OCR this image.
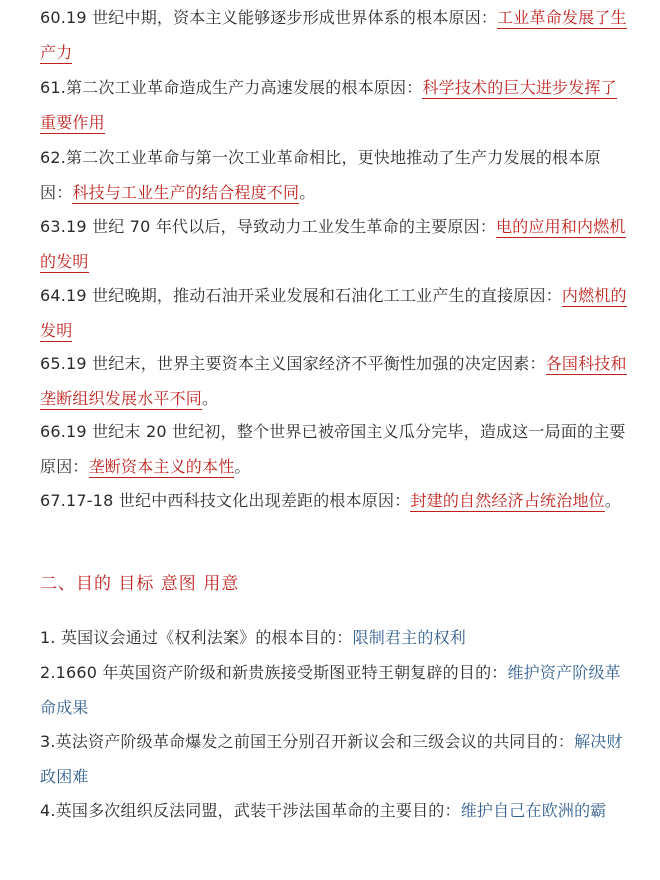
60.19 世纪中期，资本主义能够逐步形成世界体系的根本原因：工业革命发展了生产力
61.第二次工业革命造成生产力高速发展的根本原因：科学技术的巨大进步发挥了重要作用
62.第二次工业革命与第一次工业革命相比，更快地推动了生产力发展的根本原因：科技与工业生产的结合程度不同。
63.19 世纪 70 年代以后，导致动力工业发生革命的主要原因：电的应用和内燃机的发明
64.19 世纪晚期，推动石油开采业发展和石油化工工业产生的直接原因：内燃机的发明
65.19 世纪末，世界主要资本主义国家经济不平衡性加强的决定因素：各国科技和垄断组织发展水平不同。
66.19 世纪末 20 世纪初，整个世界已被帝国主义瓜分完毕，造成这一局面的主要原因：垄断资本主义的本性。
67.17-18 世纪中西科技文化出现差距的根本原因：封建的自然经济占统治地位。
二、目的 目标 意图 用意
1. 英国议会通过《权利法案》的根本目的：限制君主的权利
2.1660 年英国资产阶级和新贵族接受斯图亚特王朝复辟的目的：维护资产阶级革命成果
3.英法资产阶级革命爆发之前国王分别召开新议会和三级会议的共同目的：解决财政困难
4.英国多次组织反法同盟，武装干涉法国革命的主要目的：维护自己在欧洲的霸
